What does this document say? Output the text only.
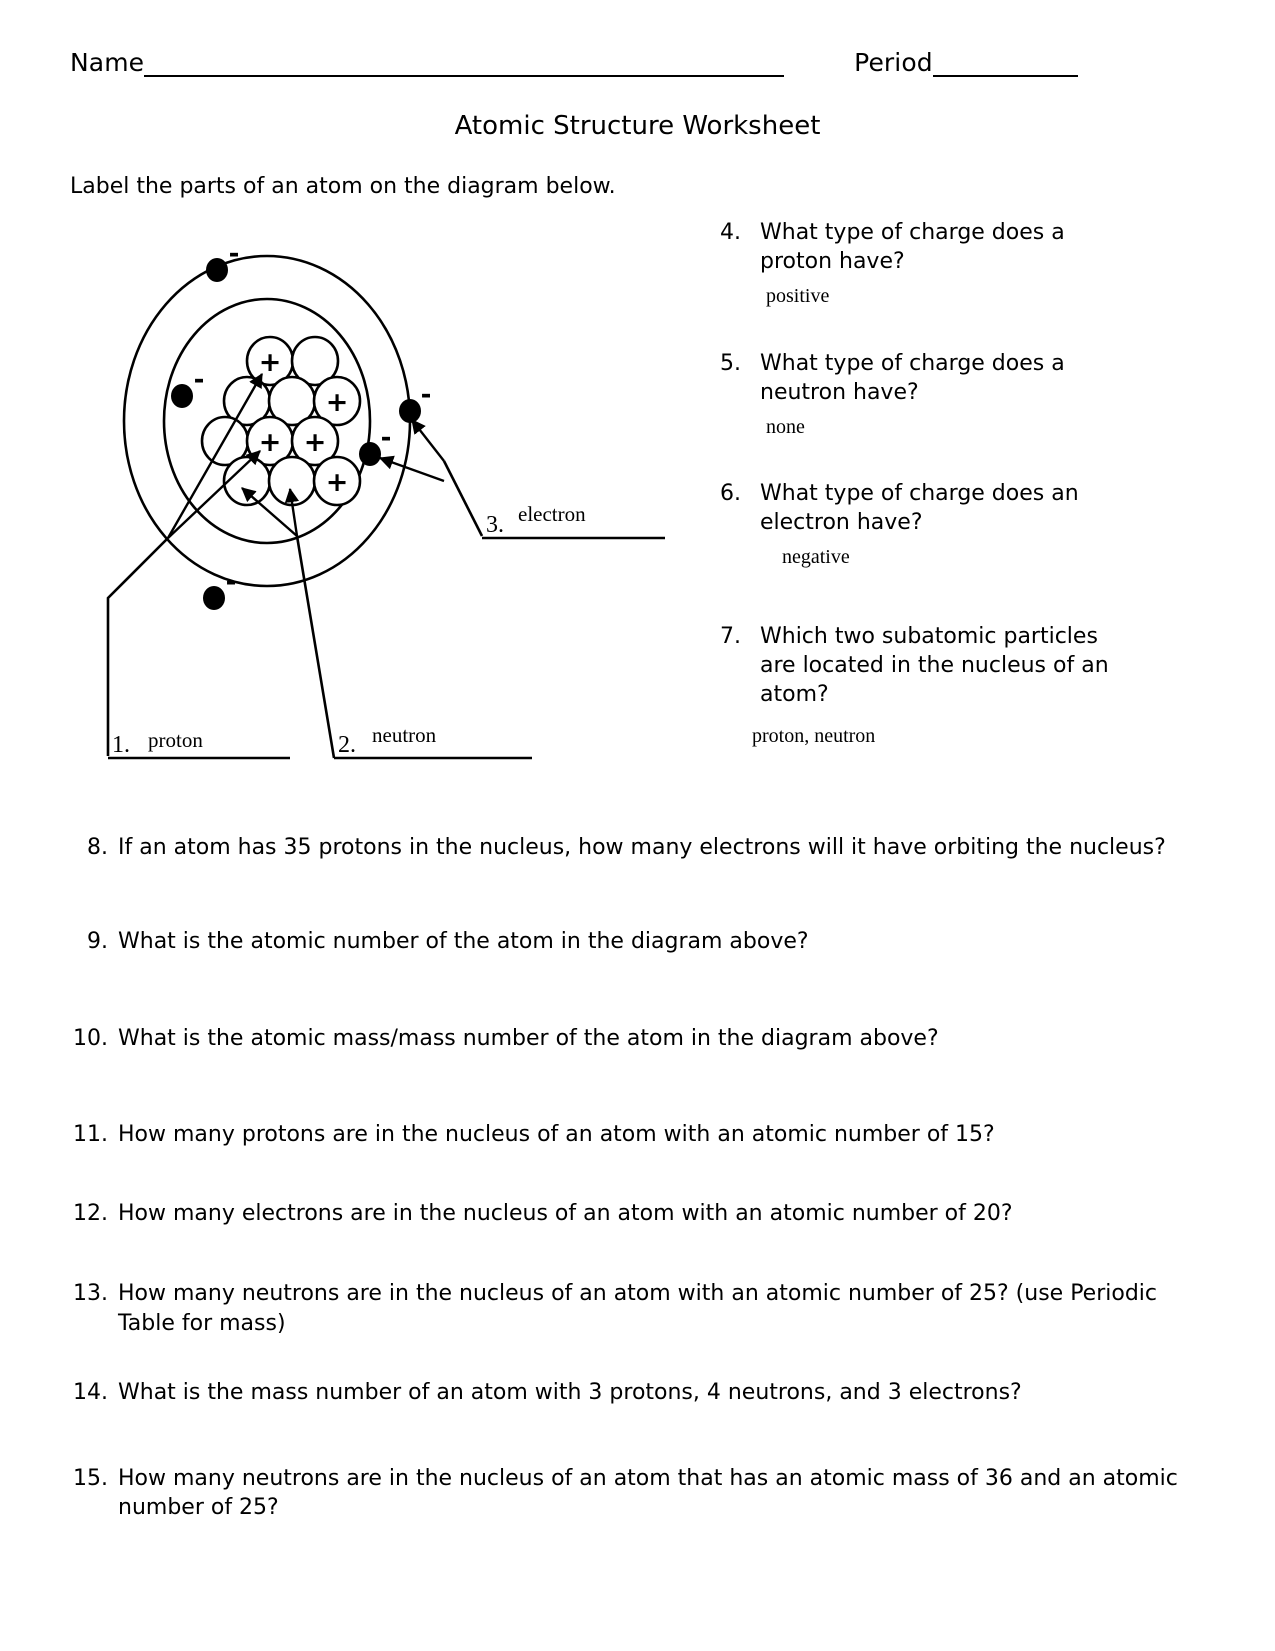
Name	Period
Atomic Structure Worksheet
Label the parts of an atom on the diagram below.
+
+
+ +
+
-
-
-
-
-
1. proton	2. neutron
3. electron
4. What type of charge does a proton have?
positive
5. What type of charge does a neutron have?
none
6. What type of charge does an electron have?
negative
7. Which two subatomic particles are located in the nucleus of an atom?
proton, neutron
8. If an atom has 35 protons in the nucleus, how many electrons will it have orbiting the nucleus?
9. What is the atomic number of the atom in the diagram above?
10. What is the atomic mass/mass number of the atom in the diagram above?
11. How many protons are in the nucleus of an atom with an atomic number of 15?
12. How many electrons are in the nucleus of an atom with an atomic number of 20?
13. How many neutrons are in the nucleus of an atom with an atomic number of 25? (use Periodic Table for mass)
14. What is the mass number of an atom with 3 protons, 4 neutrons, and 3 electrons?
15. How many neutrons are in the nucleus of an atom that has an atomic mass of 36 and an atomic number of 25?
